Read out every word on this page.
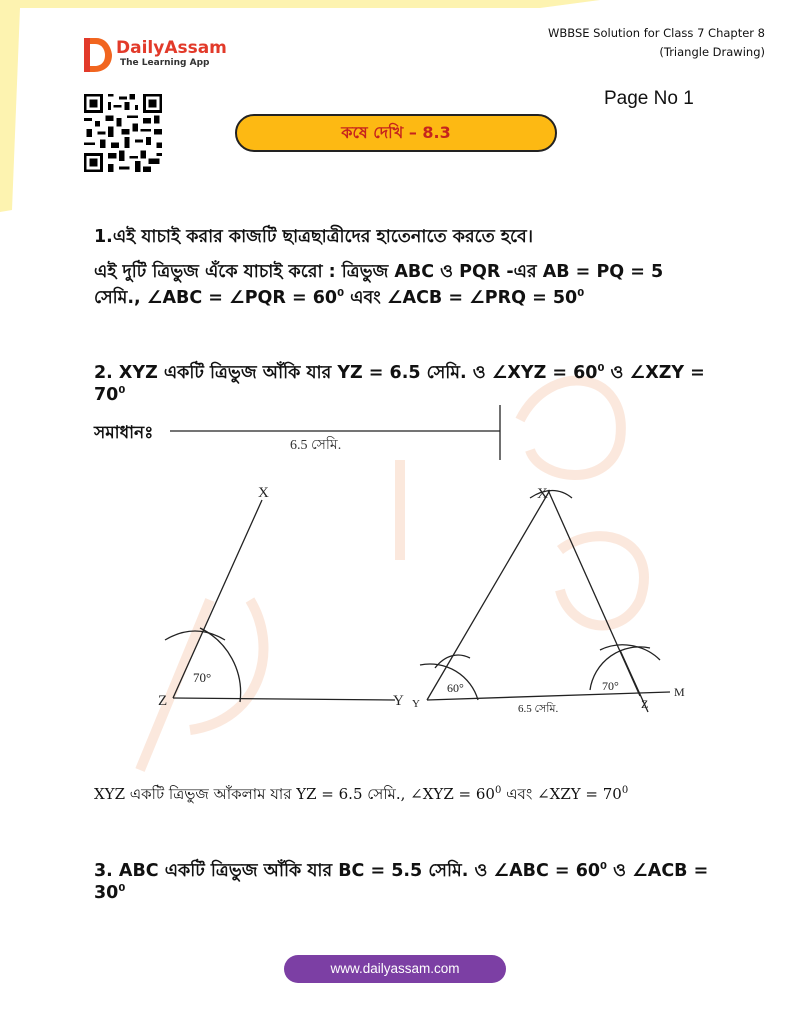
DailyAssam
The Learning App
WBBSE Solution for Class 7 Chapter 8
(Triangle Drawing)
Page No 1
কষে দেখি – 8.3
1.এই যাচাই করার কাজটি ছাত্রছাত্রীদের হাতেনাতে করতে হবে।
এই দুটি ত্রিভুজ এঁকে যাচাই করো : ত্রিভুজ ABC ও PQR -এর AB = PQ = 5
সেমি., ∠ABC = ∠PQR = $60^0$ এবং ∠ACB = ∠PRQ = $50^0$
2. XYZ একটি ত্রিভুজ আঁকি যার YZ = 6.5 সেমি. ও ∠XYZ = $60^0$ ও ∠XZY =
$70^0$
সমাধানঃ
6.5 সেমি.
X
Z	Y
70°
X
Y	Z
M
60°	70°
6.5 সেমি.
XYZ একটি ত্রিভুজ আঁকলাম যার YZ = 6.5 সেমি., ∠XYZ = $60^0$ এবং ∠XZY = $70^0$
3. ABC একটি ত্রিভুজ আঁকি যার BC = 5.5 সেমি. ও ∠ABC = $60^0$ ও ∠ACB =
$30^0$
www.dailyassam.com
